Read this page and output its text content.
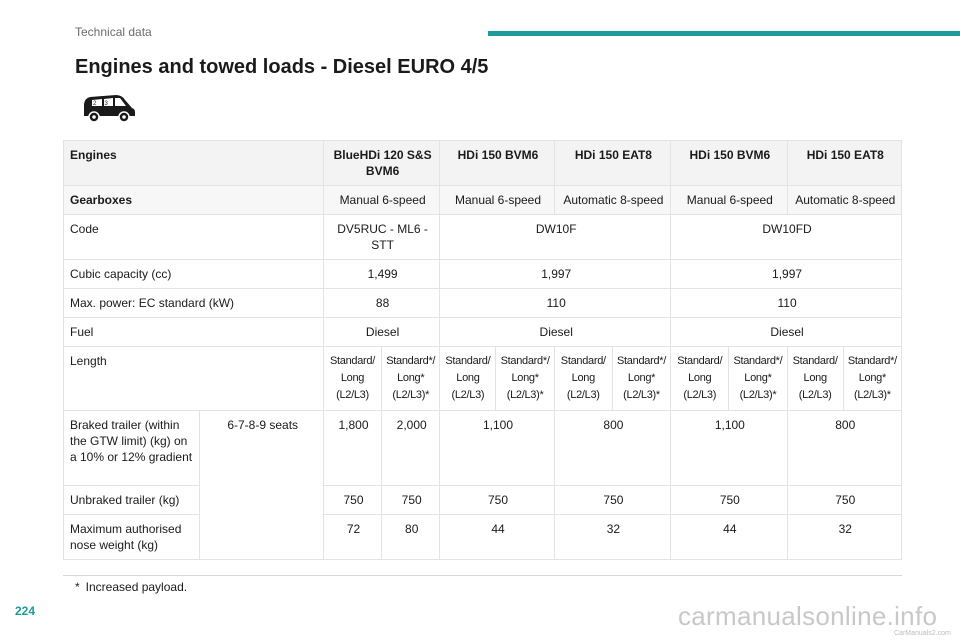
Technical data
Engines and towed loads - Diesel EURO 4/5
2 3
Engines		BlueHDi 120 S&S BVM6		HDi 150 BVM6		HDi 150 EAT8		HDi 150 BVM6		HDi 150 EAT8	
Gearboxes		Manual 6-speed		Manual 6-speed		Automatic 8-speed		Manual 6-speed		Automatic 8-speed	
Code		DV5RUC - ML6 - STT		DW10F				DW10FD			
Cubic capacity (cc)		1,499		1,997				1,997			
Max. power: EC standard (kW)		88		110				110			
Fuel		Diesel		Diesel				Diesel			
Length		Standard/ Long (L2/L3)	Standard*/ Long* (L2/L3)*	Standard/ Long (L2/L3)	Standard*/ Long* (L2/L3)*	Standard/ Long (L2/L3)	Standard*/ Long* (L2/L3)*	Standard/ Long (L2/L3)	Standard*/ Long* (L2/L3)*	Standard/ Long (L2/L3)	Standard*/ Long* (L2/L3)*
Braked trailer (within the GTW limit) (kg) on a 10% or 12% gradient	6-7-8-9 seats	1,800	2,000	1,100		800		1,100		800	
Unbraked trailer (kg)		750	750	750		750		750		750	
Maximum authorised nose weight (kg)		72	80	44		32		44		32	
* Increased payload.
224	carmanualsonline.info
CarManuals2.com
